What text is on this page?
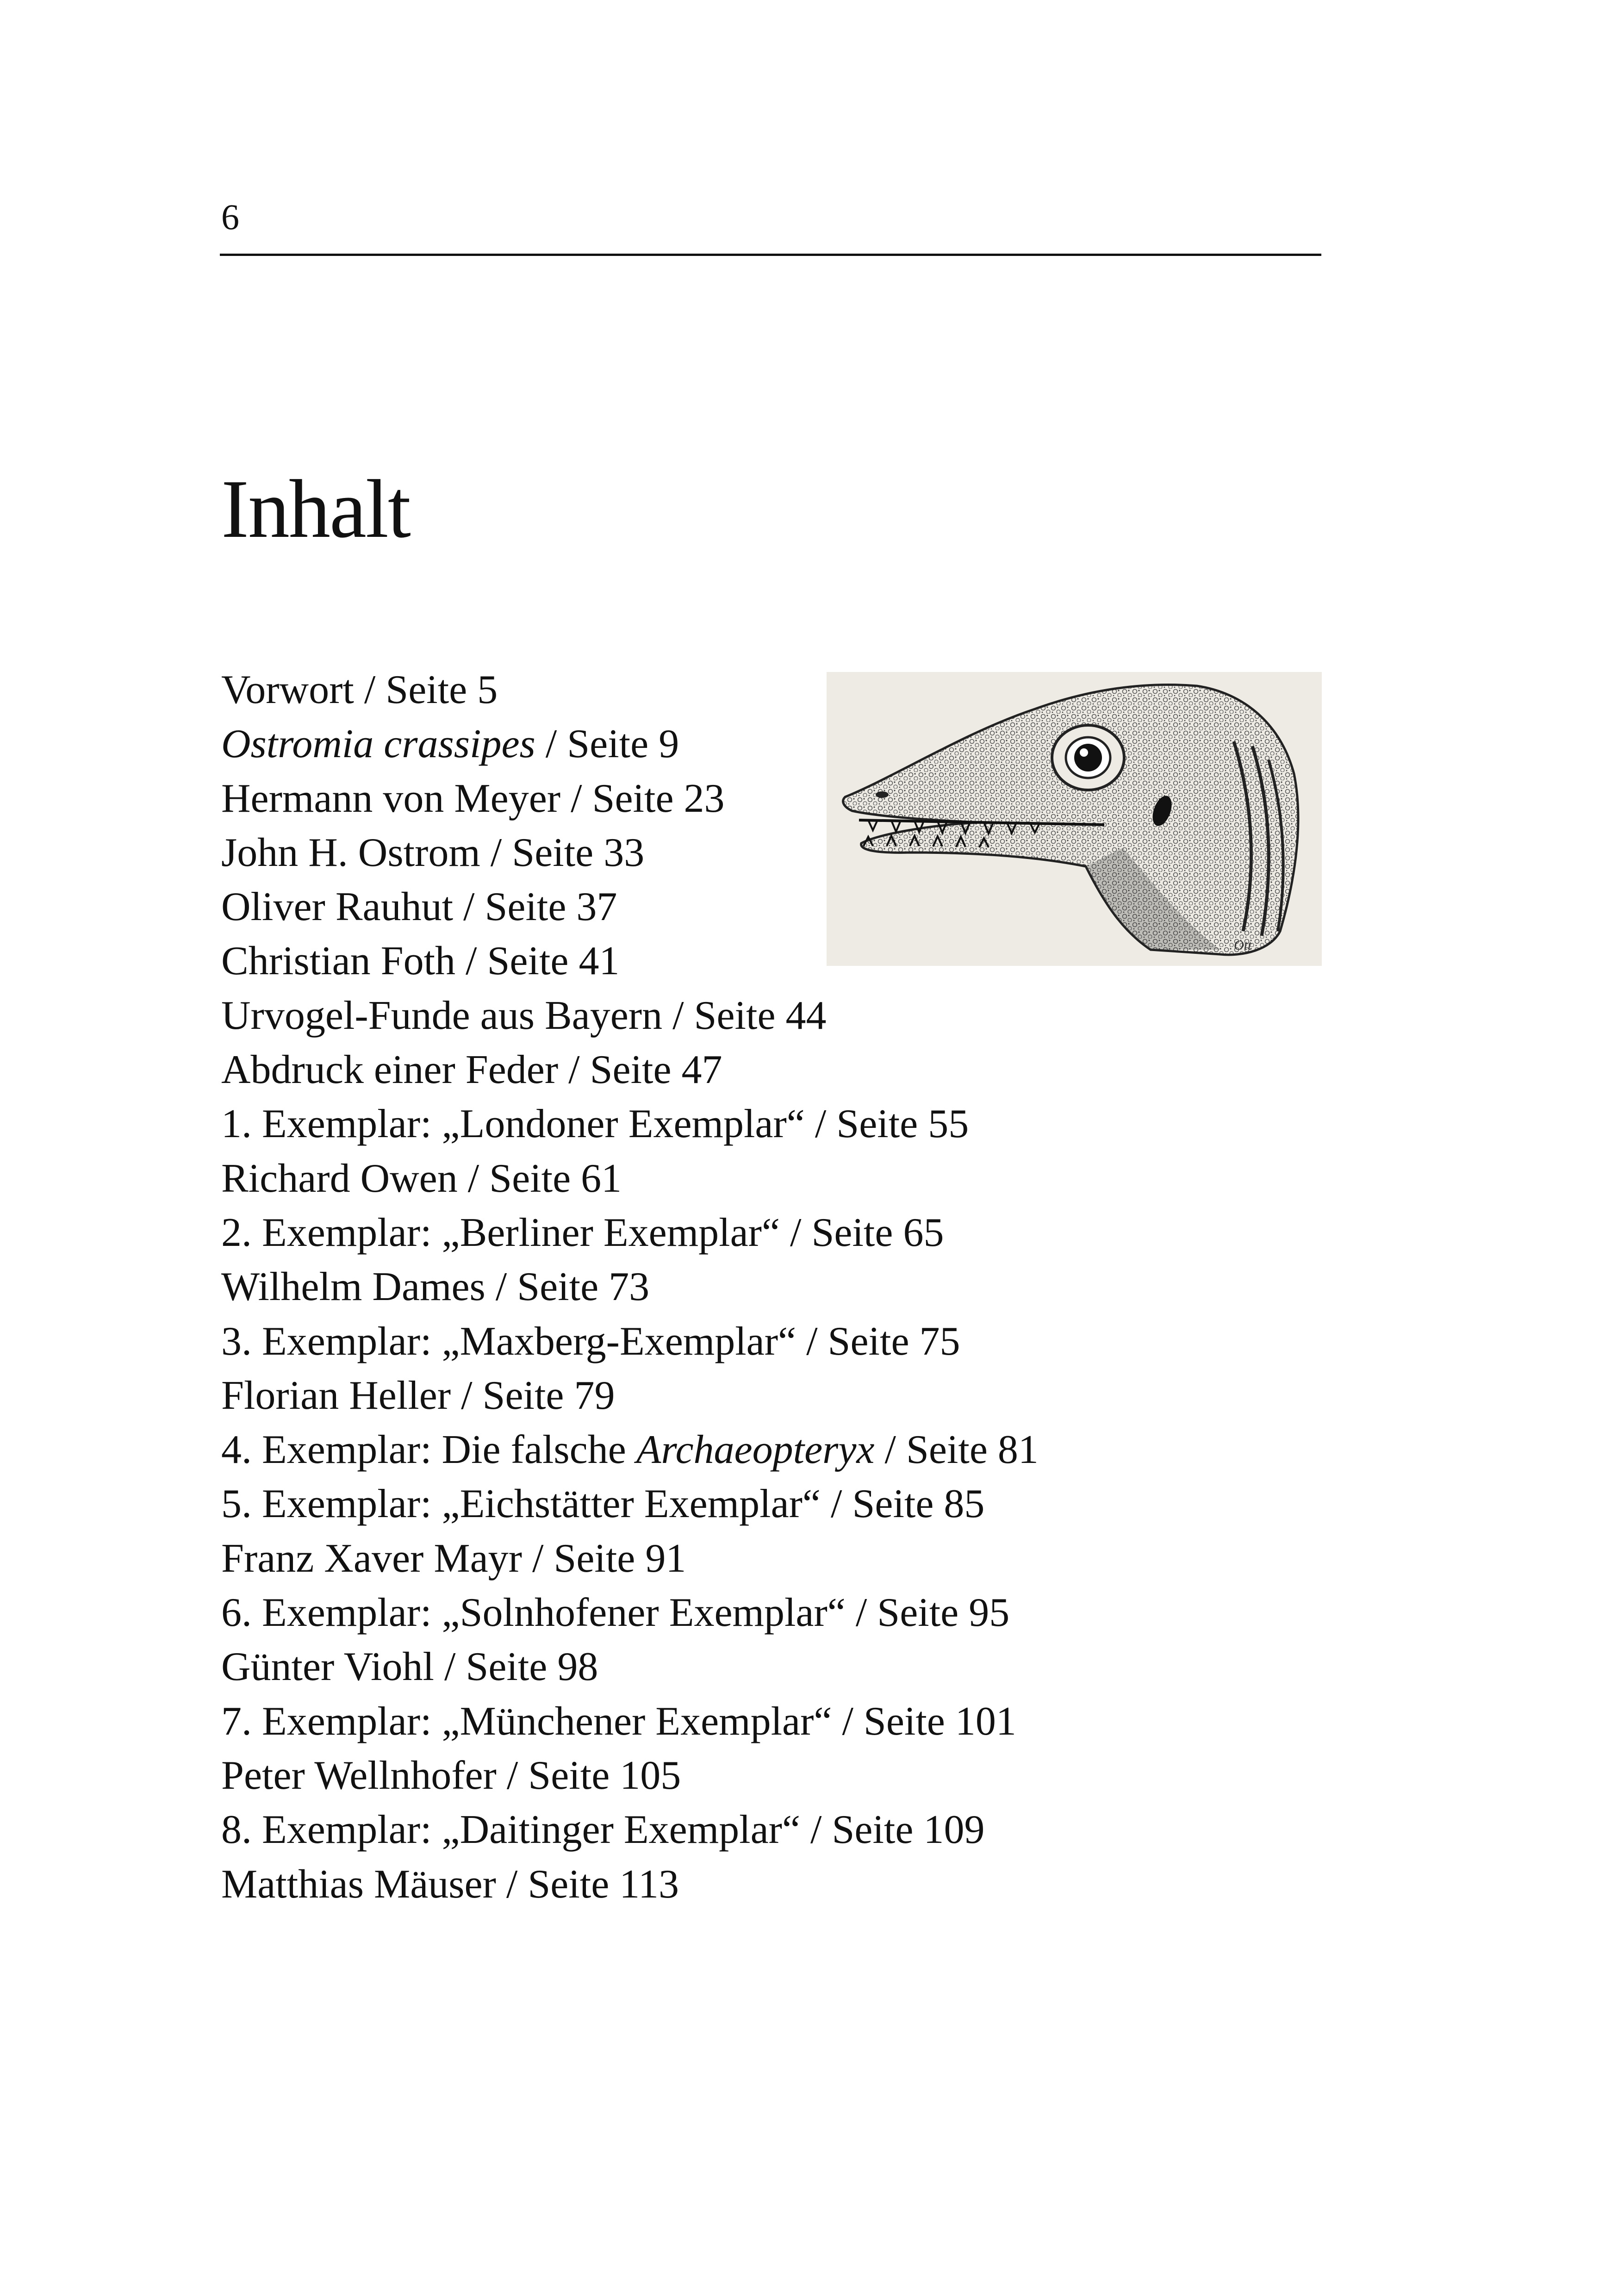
6
Inhalt
Vorwort / Seite 5
Ostromia crassipes / Seite 9
Hermann von Meyer / Seite 23
John H. Ostrom / Seite 33
Oliver Rauhut / Seite 37
Christian Foth / Seite 41
Urvogel-Funde aus Bayern / Seite 44
Abdruck einer Feder / Seite 47
1. Exemplar: „Londoner Exemplar“ / Seite 55
Richard Owen / Seite 61
2. Exemplar: „Berliner Exemplar“ / Seite 65
Wilhelm Dames / Seite 73
3. Exemplar: „Maxberg-Exemplar“ / Seite 75
Florian Heller / Seite 79
4. Exemplar: Die falsche Archaeopteryx / Seite 81
5. Exemplar: „Eichstätter Exemplar“ / Seite 85
Franz Xaver Mayr / Seite 91
6. Exemplar: „Solnhofener Exemplar“ / Seite 95
Günter Viohl / Seite 98
7. Exemplar: „Münchener Exemplar“ / Seite 101
Peter Wellnhofer / Seite 105
8. Exemplar: „Daitinger Exemplar“ / Seite 109
Matthias Mäuser / Seite 113
Ott
